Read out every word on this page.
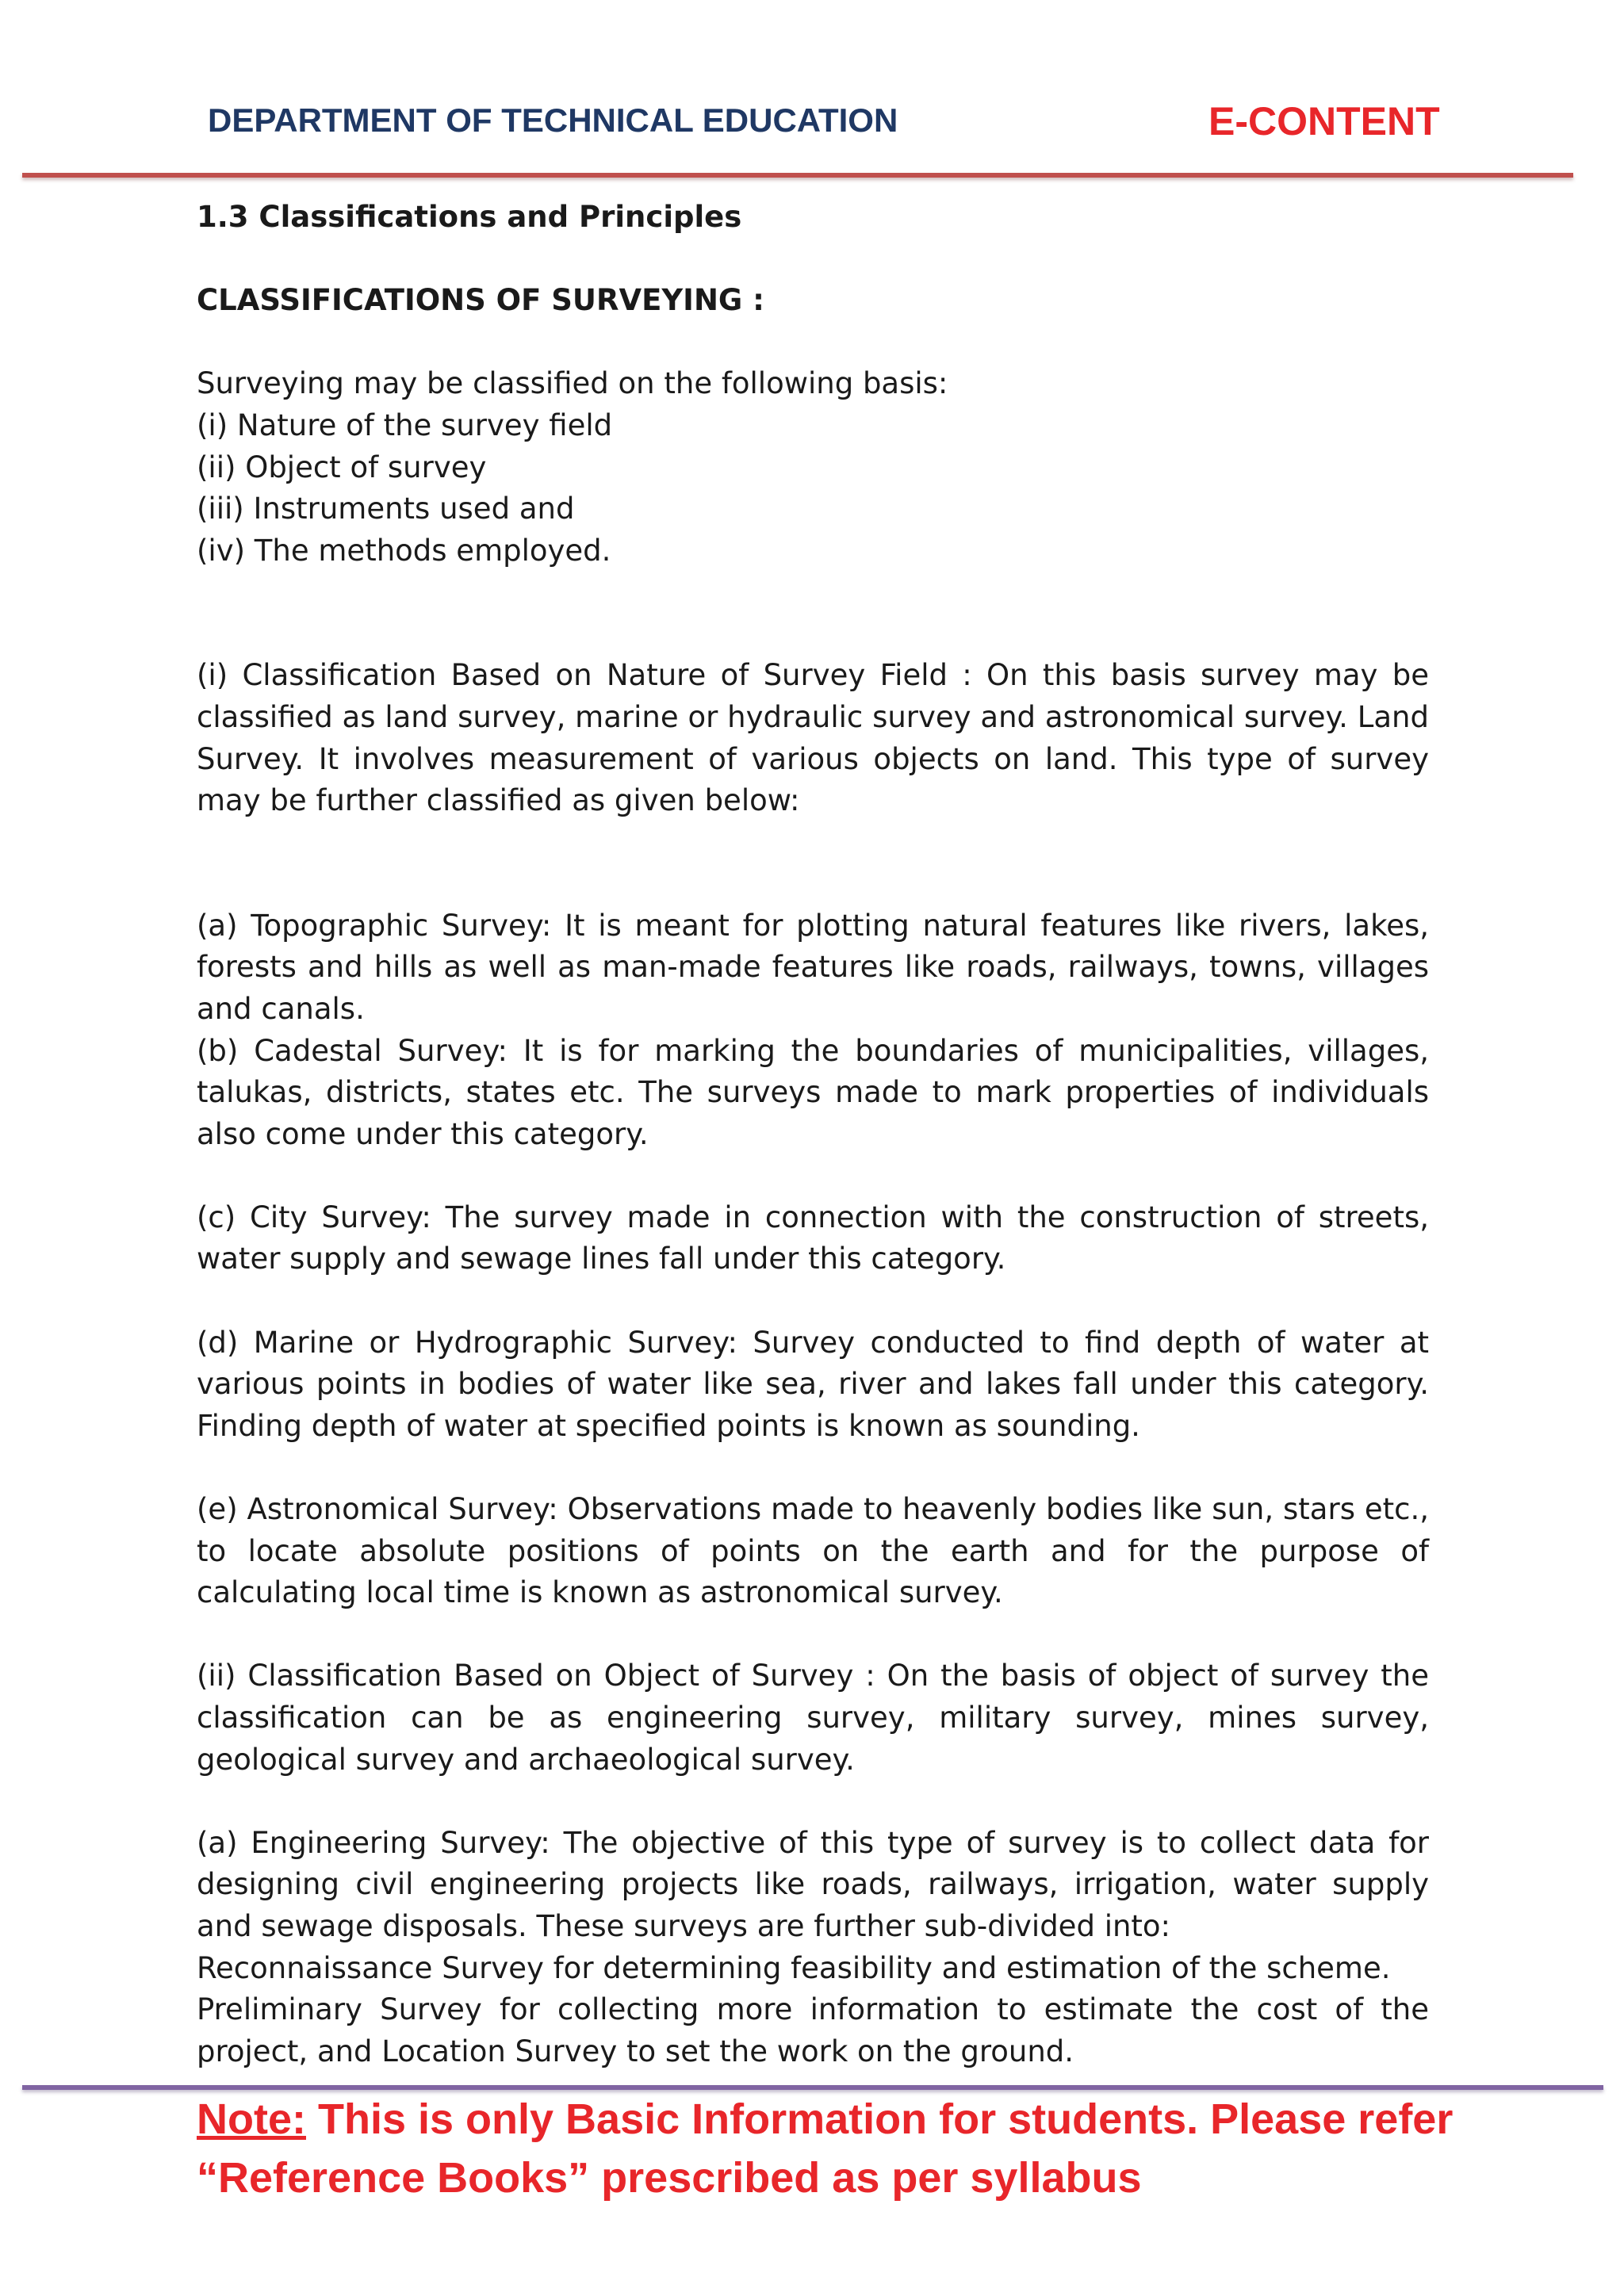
DEPARTMENT OF TECHNICAL EDUCATION	E-CONTENT
1.3 Classifications and Principles
CLASSIFICATIONS OF SURVEYING :

Surveying may be classified on the following basis:

(i) Nature of the survey field

(ii) Object of survey

(iii) Instruments used and

(iv) The methods employed.

(i) Classification Based on Nature of Survey Field : On this basis survey may be classified as land survey, marine or hydraulic survey and astronomical survey. Land Survey. It involves measurement of various objects on land. This type of survey may be further classified as given below:

(a) Topographic Survey: It is meant for plotting natural features like rivers, lakes, forests and hills as well as man-made features like roads, railways, towns, villages and canals.

(b) Cadestal Survey: It is for marking the boundaries of municipalities, villages, talukas, districts, states etc. The surveys made to mark properties of individuals also come under this category.

(c) City Survey: The survey made in connection with the construction of streets, water supply and sewage lines fall under this category.

(d) Marine or Hydrographic Survey: Survey conducted to find depth of water at various points in bodies of water like sea, river and lakes fall under this category. Finding depth of water at specified points is known as sounding.

(e) Astronomical Survey: Observations made to heavenly bodies like sun, stars etc., to locate absolute positions of points on the earth and for the purpose of calculating local time is known as astronomical survey.

(ii) Classification Based on Object of Survey : On the basis of object of survey the classification can be as engineering survey, military survey, mines survey, geological survey and archaeological survey.

(a) Engineering Survey: The objective of this type of survey is to collect data for designing civil engineering projects like roads, railways, irrigation, water supply and sewage disposals. These surveys are further sub-divided into:

Reconnaissance Survey for determining feasibility and estimation of the scheme.

Preliminary Survey for collecting more information to estimate the cost of the project, and Location Survey to set the work on the ground.

Note: This is only Basic Information for students. Please refer “Reference Books” prescribed as per syllabus
